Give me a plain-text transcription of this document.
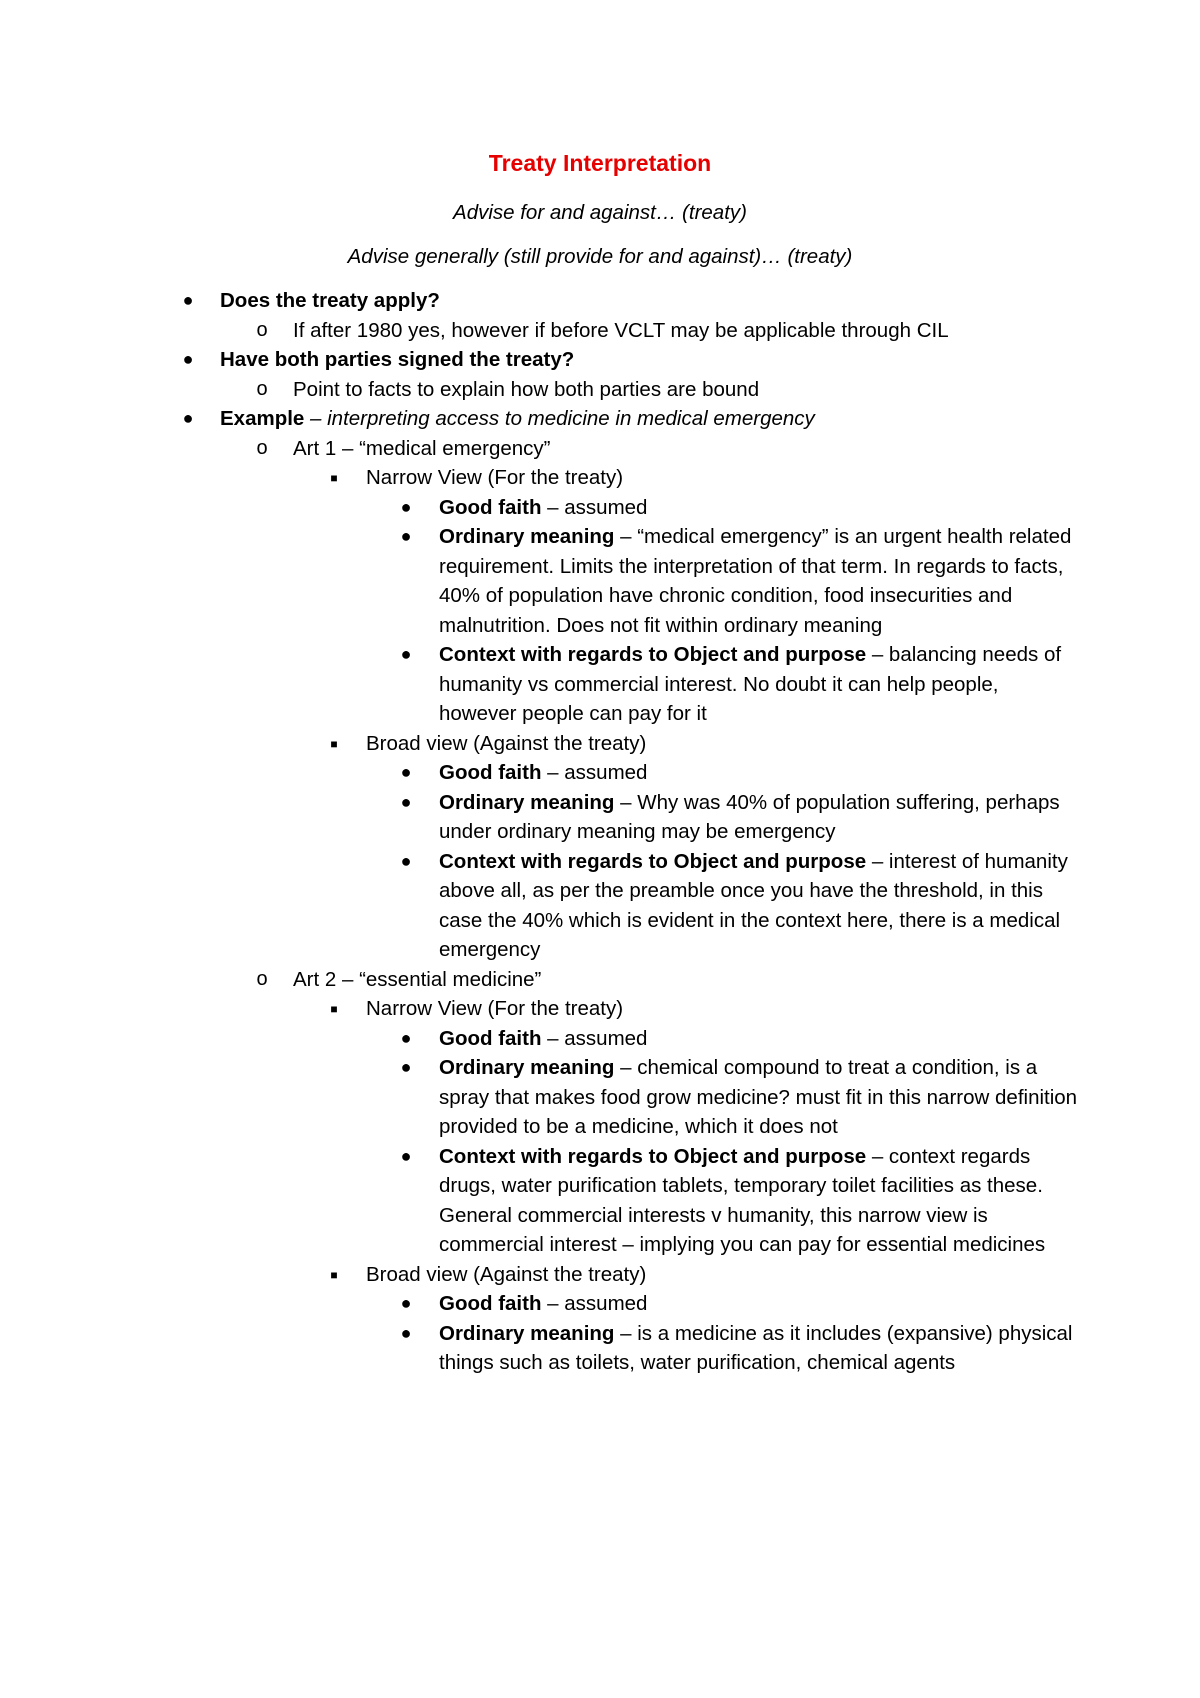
Treaty Interpretation
Advise for and against… (treaty)
Advise generally (still provide for and against)… (treaty)
●	Does the treaty apply?
o	If after 1980 yes, however if before VCLT may be applicable through CIL
●	Have both parties signed the treaty?
o	Point to facts to explain how both parties are bound
●	Example – interpreting access to medicine in medical emergency
o	Art 1 – “medical emergency”
■	Narrow View (For the treaty)
●	Good faith – assumed
●	Ordinary meaning – “medical emergency” is an urgent health related requirement. Limits the interpretation of that term. In regards to facts, 40% of population have chronic condition, food insecurities and malnutrition. Does not fit within ordinary meaning
●	Context with regards to Object and purpose – balancing needs of humanity vs commercial interest. No doubt it can help people, however people can pay for it
■	Broad view (Against the treaty)
●	Good faith – assumed
●	Ordinary meaning – Why was 40% of population suffering, perhaps under ordinary meaning may be emergency
●	Context with regards to Object and purpose – interest of humanity above all, as per the preamble once you have the threshold, in this case the 40% which is evident in the context here, there is a medical emergency
o	Art 2 – “essential medicine”
■	Narrow View (For the treaty)
●	Good faith – assumed
●	Ordinary meaning – chemical compound to treat a condition, is a spray that makes food grow medicine? must fit in this narrow definition provided to be a medicine, which it does not
●	Context with regards to Object and purpose – context regards drugs, water purification tablets, temporary toilet facilities as these. General commercial interests v humanity, this narrow view is commercial interest – implying you can pay for essential medicines
■	Broad view (Against the treaty)
●	Good faith – assumed
●	Ordinary meaning – is a medicine as it includes (expansive) physical things such as toilets, water purification, chemical agents
